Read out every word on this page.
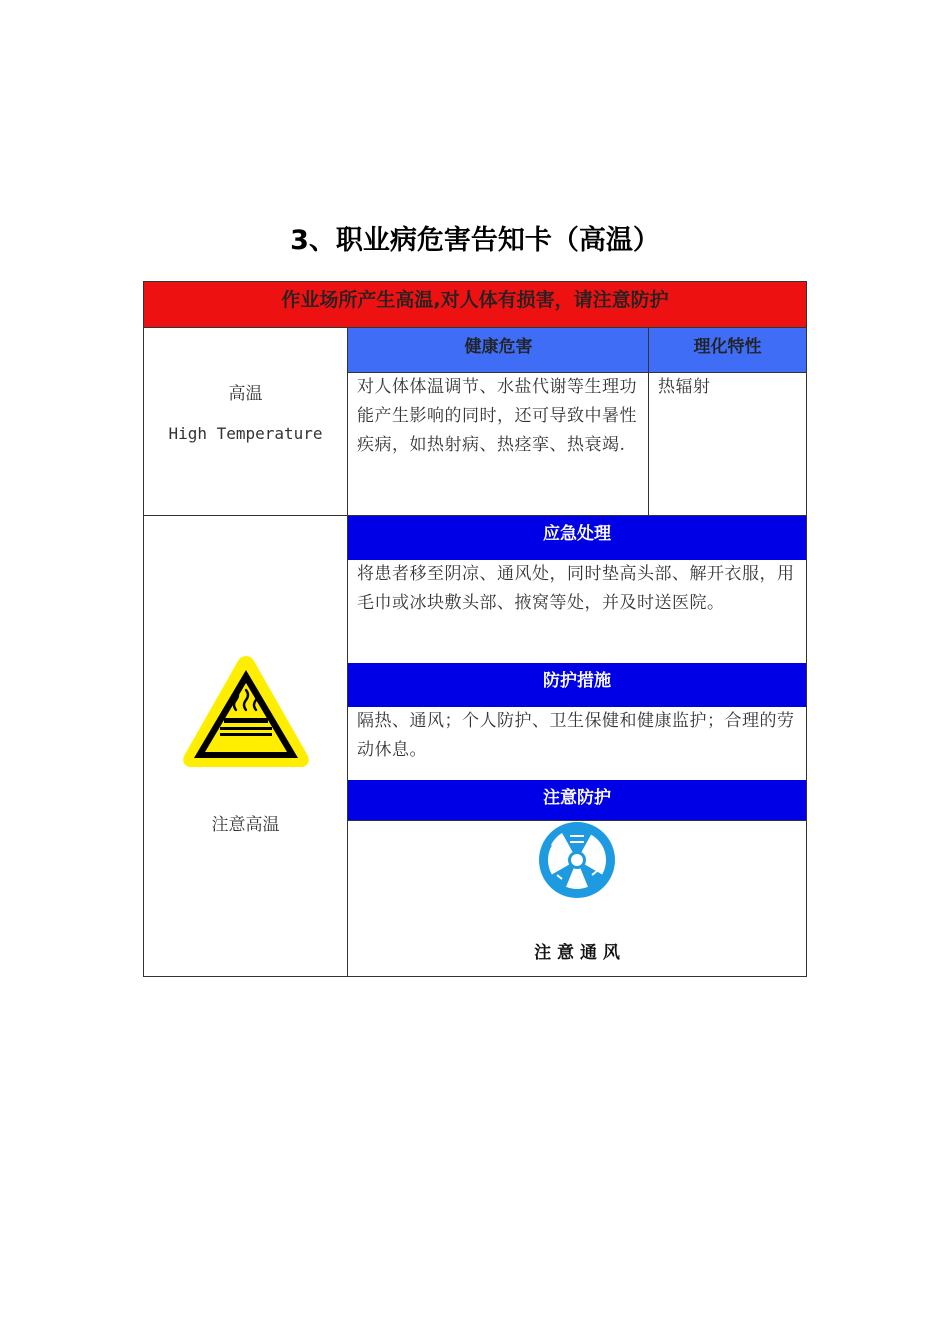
3、职业病危害告知卡（高温）
作业场所产生高温,对人体有损害，请注意防护
高温
High Temperature
健康危害	理化特性
对人体体温调节、水盐代谢等生理功能产生影响的同时，还可导致中暑性疾病，如热射病、热痉挛、热衰竭.
热辐射
应急处理
将患者移至阴凉、通风处，同时垫高头部、解开衣服，用毛巾或冰块敷头部、掖窝等处，并及时送医院。
防护措施
隔热、通风；个人防护、卫生保健和健康监护；合理的劳动休息。
注意防护
注 意 通 风
注意高温
